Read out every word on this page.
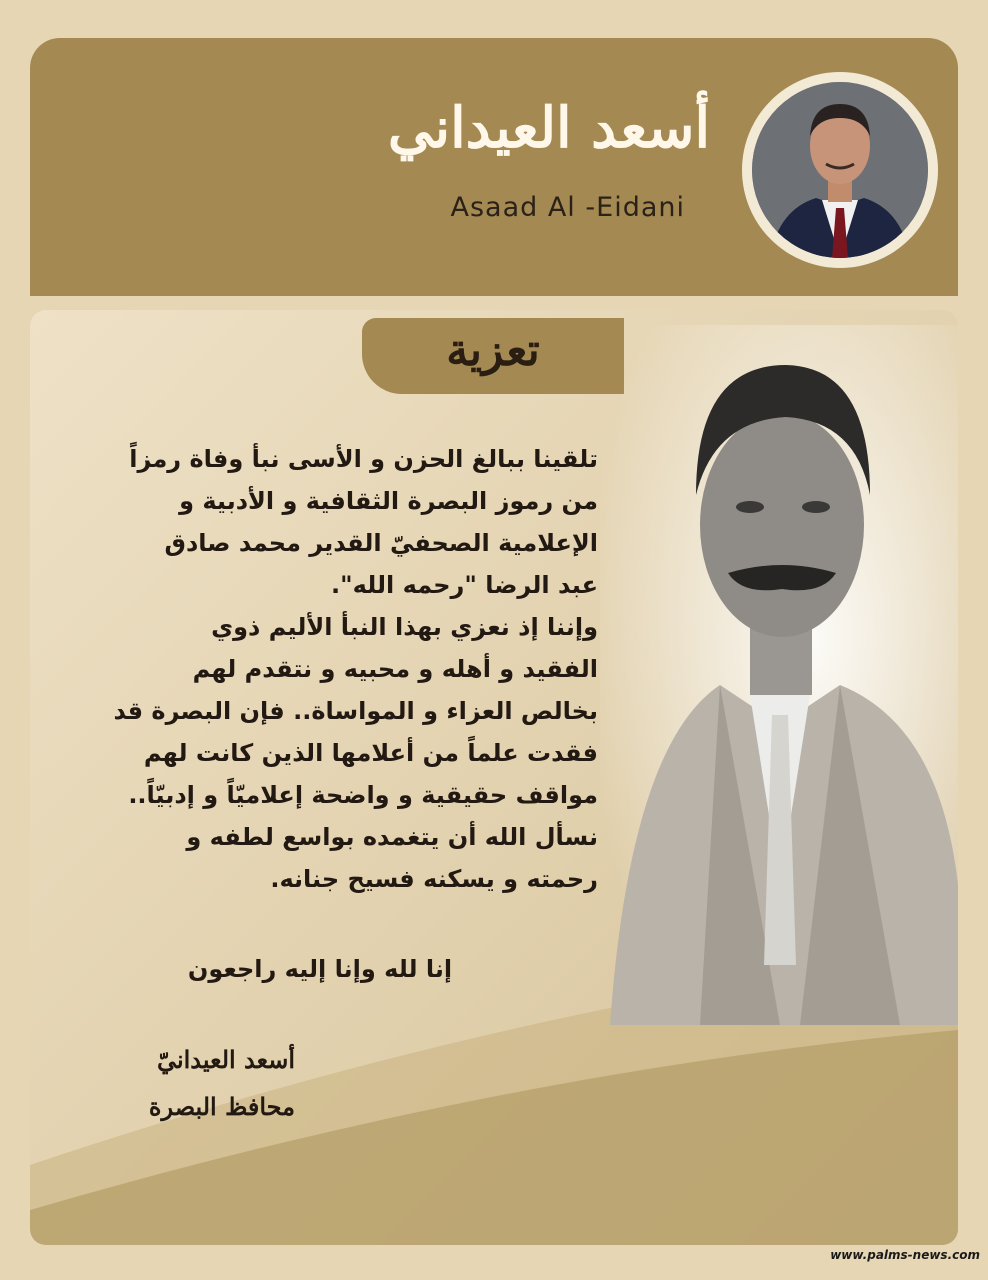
أسعد العيداني
Asaad Al -Eidani
تعزية

تلقينا ببالغ الحزن و الأسى نبأ وفاة رمزاً

من رموز البصرة الثقافية و الأدبية و

الإعلامية الصحفيّ القدير محمد صادق

عبد الرضا "رحمه الله".

وإننا إذ نعزي بهذا النبأ الأليم ذوي

الفقيد و أهله و محبيه و نتقدم لهم

بخالص العزاء و المواساة.. فإن البصرة قد

فقدت علماً من أعلامها الذين كانت لهم

مواقف حقيقية و واضحة إعلاميّاً و إدبيّاً..

نسأل الله أن يتغمده بواسع لطفه و

رحمته و يسكنه فسيح جنانه.

إنا لله وإنا إليه راجعون
أسعد العيدانيّ
محافظ البصرة
www.palms-news.com
